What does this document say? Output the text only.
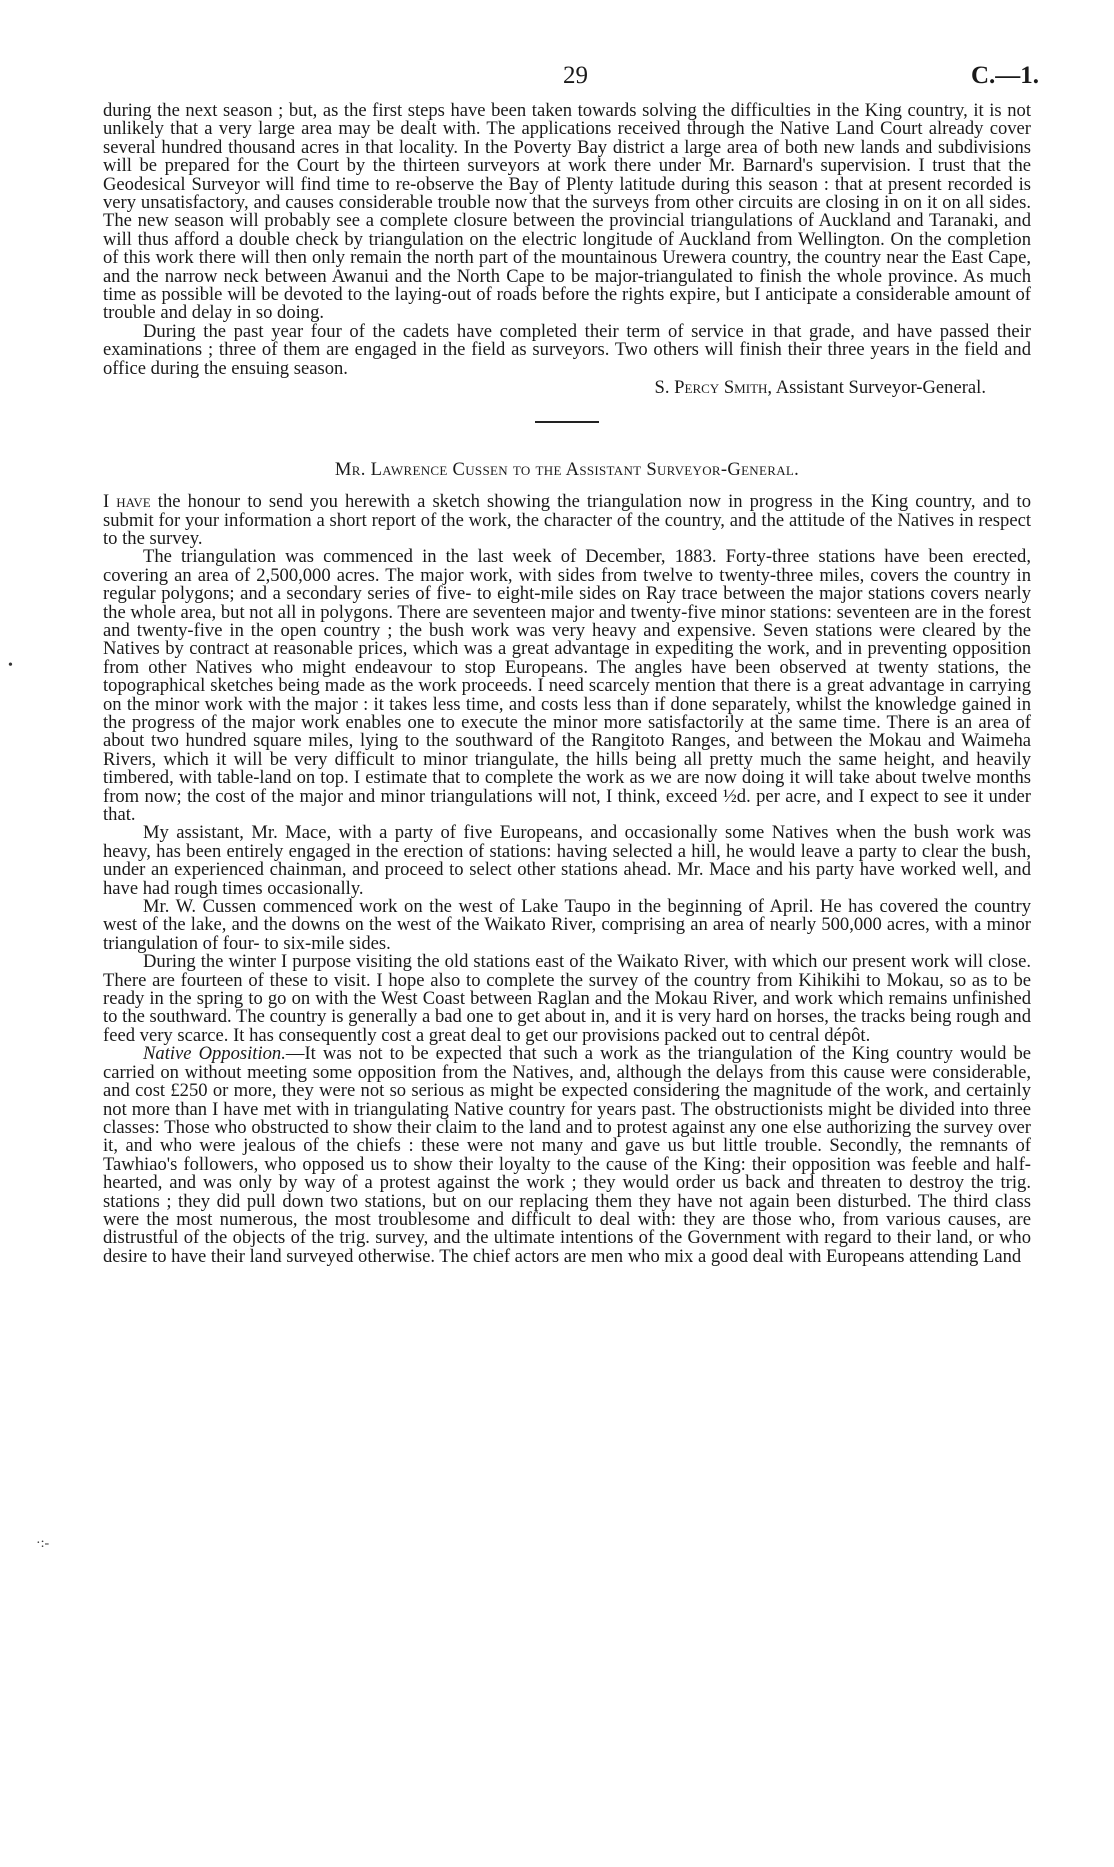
•
·:-
29	C.—1.

during the next season ; but, as the first steps have been taken towards solving the difficulties in the King country, it is not unlikely that a very large area may be dealt with. The applications received through the Native Land Court already cover several hundred thousand acres in that locality. In the Poverty Bay district a large area of both new lands and subdivisions will be prepared for the Court by the thirteen surveyors at work there under Mr. Barnard's supervision. I trust that the Geodesical Surveyor will find time to re-observe the Bay of Plenty latitude during this season : that at present recorded is very unsatisfactory, and causes considerable trouble now that the surveys from other circuits are closing in on it on all sides. The new season will probably see a complete closure between the provincial triangulations of Auckland and Taranaki, and will thus afford a double check by triangulation on the electric longitude of Auckland from Wellington. On the completion of this work there will then only remain the north part of the mountainous Urewera country, the country near the East Cape, and the narrow neck between Awanui and the North Cape to be major-triangulated to finish the whole province. As much time as possible will be devoted to the laying-out of roads before the rights expire, but I anticipate a considerable amount of trouble and delay in so doing.

During the past year four of the cadets have completed their term of service in that grade, and have passed their examinations ; three of them are engaged in the field as surveyors. Two others will finish their three years in the field and office during the ensuing season.

S. Percy Smith, Assistant Surveyor-General.
Mr. Lawrence Cussen to the Assistant Surveyor-General.

I have the honour to send you herewith a sketch showing the triangulation now in progress in the King country, and to submit for your information a short report of the work, the character of the country, and the attitude of the Natives in respect to the survey.

The triangulation was commenced in the last week of December, 1883. Forty-three stations have been erected, covering an area of 2,500,000 acres. The major work, with sides from twelve to twenty-three miles, covers the country in regular polygons; and a secondary series of five- to eight-mile sides on Ray trace between the major stations covers nearly the whole area, but not all in polygons. There are seventeen major and twenty-five minor stations: seventeen are in the forest and twenty-five in the open country ; the bush work was very heavy and expensive. Seven stations were cleared by the Natives by contract at reasonable prices, which was a great advantage in expediting the work, and in preventing opposition from other Natives who might endeavour to stop Europeans. The angles have been observed at twenty stations, the topographical sketches being made as the work proceeds. I need scarcely mention that there is a great advantage in carrying on the minor work with the major : it takes less time, and costs less than if done separately, whilst the knowledge gained in the progress of the major work enables one to execute the minor more satisfactorily at the same time. There is an area of about two hundred square miles, lying to the southward of the Rangitoto Ranges, and between the Mokau and Waimeha Rivers, which it will be very difficult to minor triangulate, the hills being all pretty much the same height, and heavily timbered, with table-land on top. I estimate that to complete the work as we are now doing it will take about twelve months from now; the cost of the major and minor triangulations will not, I think, exceed ½d. per acre, and I expect to see it under that.

My assistant, Mr. Mace, with a party of five Europeans, and occasionally some Natives when the bush work was heavy, has been entirely engaged in the erection of stations: having selected a hill, he would leave a party to clear the bush, under an experienced chainman, and proceed to select other stations ahead. Mr. Mace and his party have worked well, and have had rough times occasionally.

Mr. W. Cussen commenced work on the west of Lake Taupo in the beginning of April. He has covered the country west of the lake, and the downs on the west of the Waikato River, comprising an area of nearly 500,000 acres, with a minor triangulation of four- to six-mile sides.

During the winter I purpose visiting the old stations east of the Waikato River, with which our present work will close. There are fourteen of these to visit. I hope also to complete the survey of the country from Kihikihi to Mokau, so as to be ready in the spring to go on with the West Coast between Raglan and the Mokau River, and work which remains unfinished to the southward. The country is generally a bad one to get about in, and it is very hard on horses, the tracks being rough and feed very scarce. It has consequently cost a great deal to get our provisions packed out to central dépôt.

Native Opposition.—It was not to be expected that such a work as the triangulation of the King country would be carried on without meeting some opposition from the Natives, and, although the delays from this cause were considerable, and cost £250 or more, they were not so serious as might be expected considering the magnitude of the work, and certainly not more than I have met with in triangulating Native country for years past. The obstructionists might be divided into three classes: Those who obstructed to show their claim to the land and to protest against any one else authorizing the survey over it, and who were jealous of the chiefs : these were not many and gave us but little trouble. Secondly, the remnants of Tawhiao's followers, who opposed us to show their loyalty to the cause of the King: their opposition was feeble and half-hearted, and was only by way of a protest against the work ; they would order us back and threaten to destroy the trig. stations ; they did pull down two stations, but on our replacing them they have not again been disturbed. The third class were the most numerous, the most troublesome and difficult to deal with: they are those who, from various causes, are distrustful of the objects of the trig. survey, and the ultimate intentions of the Government with regard to their land, or who desire to have their land surveyed otherwise. The chief actors are men who mix a good deal with Europeans attending Land
